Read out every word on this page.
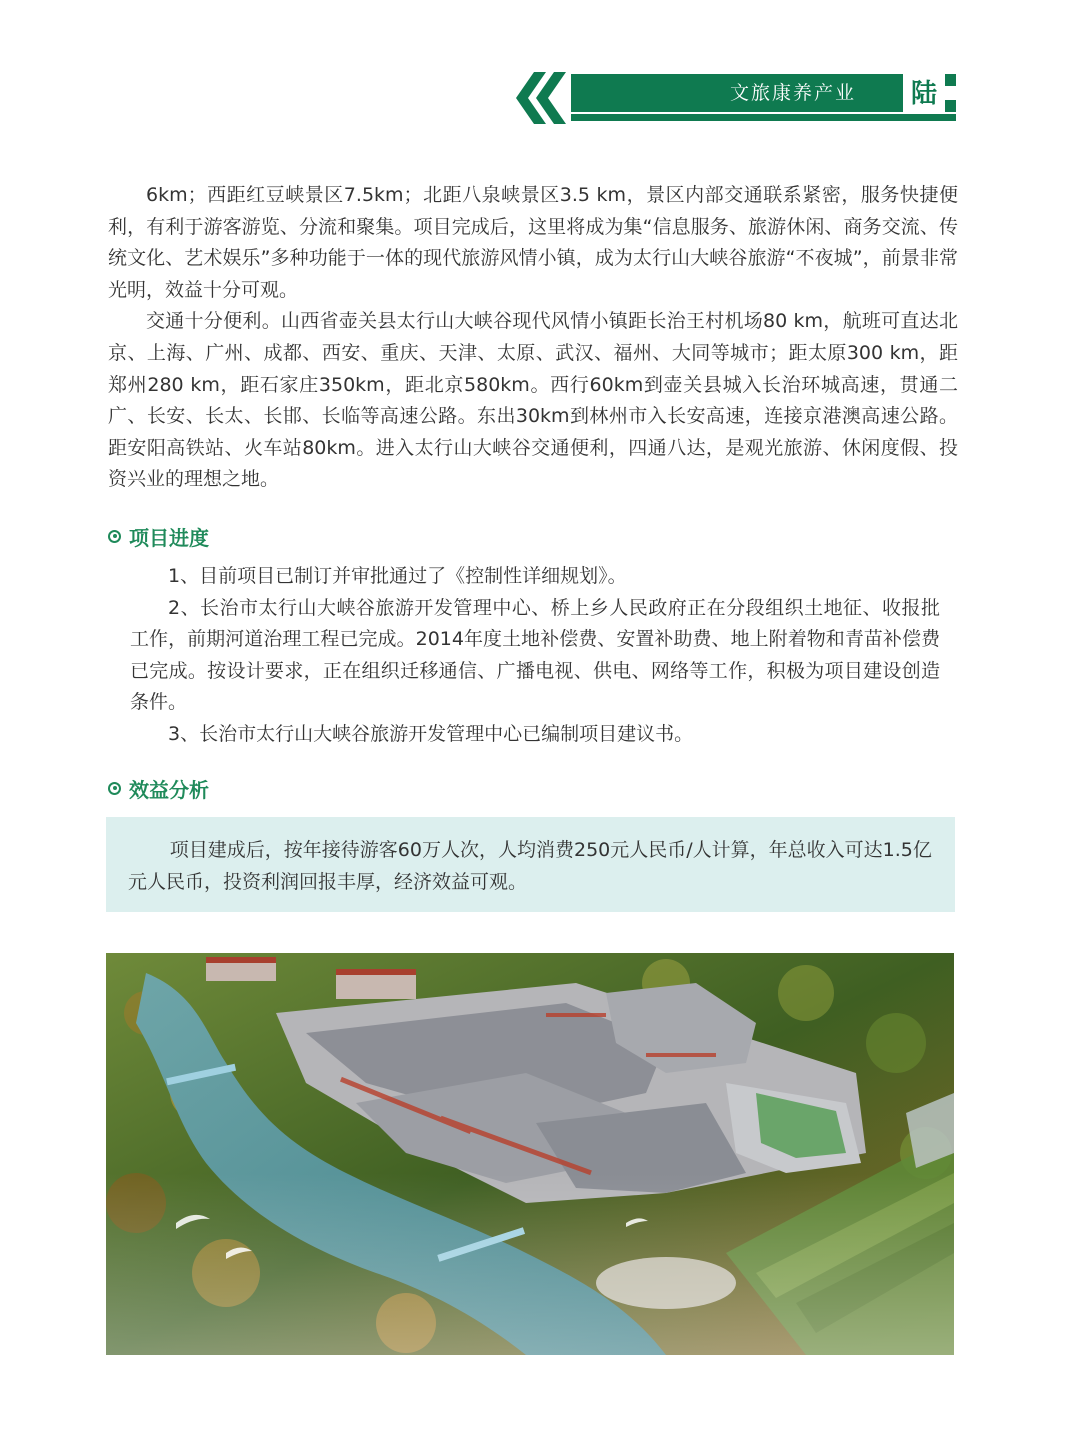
文旅康养产业 陆

6km；西距红豆峡景区7.5km；北距八泉峡景区3.5 km，景区内部交通联系紧密，服务快捷便利，有利于游客游览、分流和聚集。项目完成后，这里将成为集“信息服务、旅游休闲、商务交流、传统文化、艺术娱乐”多种功能于一体的现代旅游风情小镇，成为太行山大峡谷旅游“不夜城”，前景非常光明，效益十分可观。

交通十分便利。山西省壶关县太行山大峡谷现代风情小镇距长治王村机场80 km，航班可直达北京、上海、广州、成都、西安、重庆、天津、太原、武汉、福州、大同等城市；距太原300 km，距郑州280 km，距石家庄350km，距北京580km。西行60km到壶关县城入长治环城高速，贯通二广、长安、长太、长邯、长临等高速公路。东出30km到林州市入长安高速，连接京港澳高速公路。距安阳高铁站、火车站80km。进入太行山大峡谷交通便利，四通八达，是观光旅游、休闲度假、投资兴业的理想之地。

项目进度

1、目前项目已制订并审批通过了《控制性详细规划》。

2、长治市太行山大峡谷旅游开发管理中心、桥上乡人民政府正在分段组织土地征、收报批工作，前期河道治理工程已完成。2014年度土地补偿费、安置补助费、地上附着物和青苗补偿费已完成。按设计要求，正在组织迁移通信、广播电视、供电、网络等工作，积极为项目建设创造条件。

3、长治市太行山大峡谷旅游开发管理中心已编制项目建议书。

效益分析

项目建成后，按年接待游客60万人次，人均消费250元人民币/人计算，年总收入可达1.5亿元人民币，投资利润回报丰厚，经济效益可观。
